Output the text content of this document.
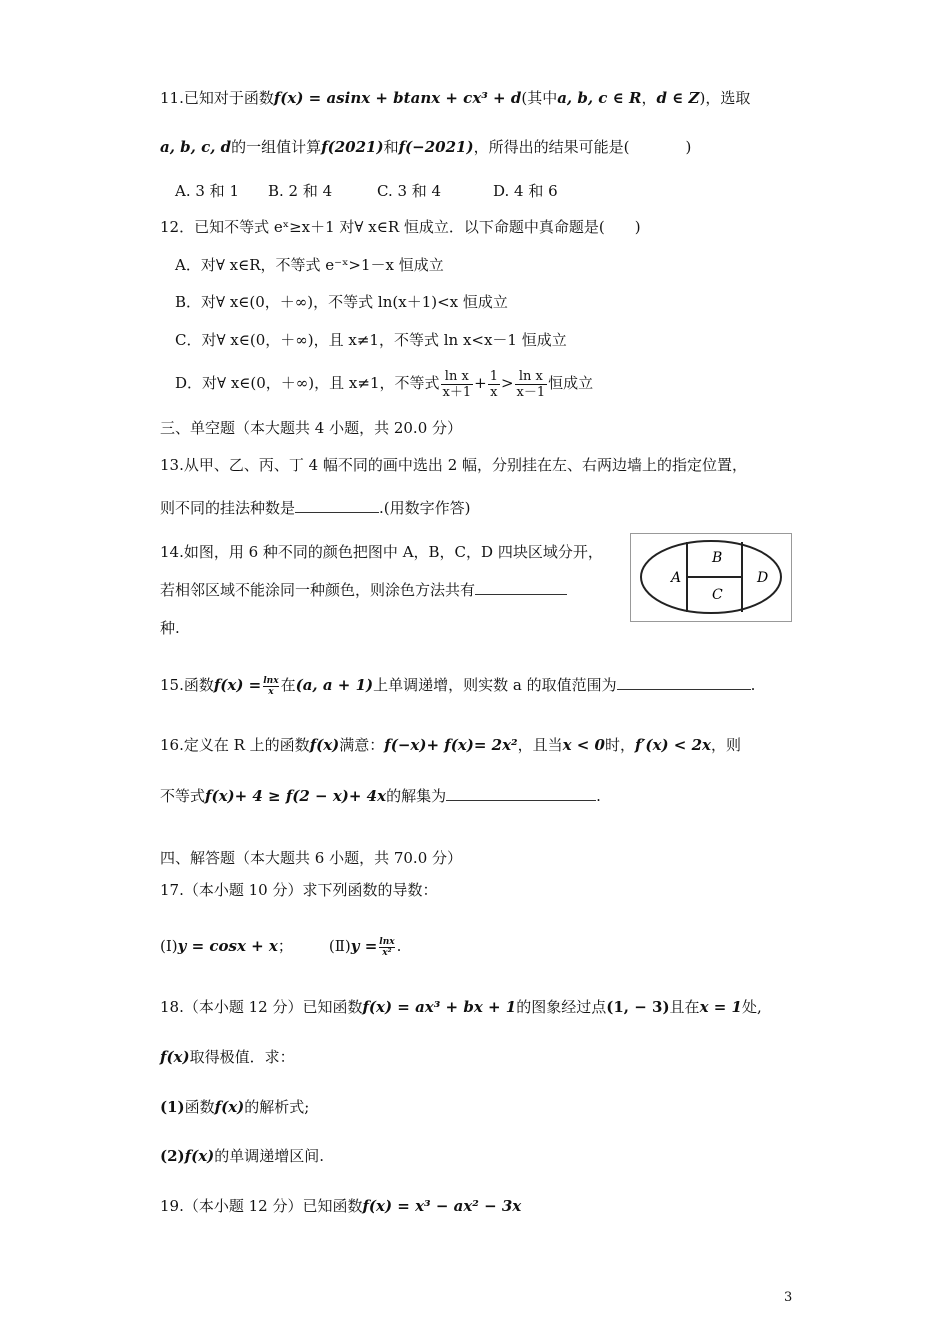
11.已知对于函数f(x) = asinx + btanx + cx³ + d(其中a, b, c ∈ R，d ∈ Z)，选取
a, b, c, d的一组值计算f(2021)和f(−2021)，所得出的结果可能是(	)
A. 3 和 1 B. 2 和 4	C. 3 和 4	D. 4 和 6
12．已知不等式 eˣ≥x＋1 对∀ x∈R 恒成立．以下命题中真命题是(　　)
A．对∀ x∈R，不等式 e⁻ˣ>1－x 恒成立
B．对∀ x∈(0，＋∞)，不等式 ln(x＋1)<x 恒成立
C．对∀ x∈(0，＋∞)，且 x≠1，不等式 ln x<x－1 恒成立
D．对∀ x∈(0，＋∞)，且 x≠1，不等式 $\frac{\text{ln x}}{x+1} + \frac{1}{x} > \frac{\text{ln x}}{x-1}$ 恒成立
三、单空题（本大题共 4 小题，共 20.0 分）
13.从甲、乙、丙、丁 4 幅不同的画中选出 2 幅，分别挂在左、右两边墙上的指定位置，
则不同的挂法种数是	.(用数字作答)
14.如图，用 6 种不同的颜色把图中 A，B，C，D 四块区域分开，
若相邻区域不能涂同一种颜色，则涂色方法共有
种.
A
B
C
D
15.函数$f(x) = \frac{\ln x}{x}$ 在(a, a + 1)上单调递增，则实数 a 的取值范围为	.
16.定义在 R 上的函数f(x)满意：f(−x)+ f(x)= 2x²，且当x < 0时，f′(x) < 2x，则
不等式f(x)+ 4 ≥ f(2 − x)+ 4x的解集为	.
四、解答题（本大题共 6 小题，共 70.0 分）
17.（本小题 10 分）求下列函数的导数：
(Ⅰ)y = cosx + x； (Ⅱ)y = $\frac{\ln x}{\text{x²}}$ .
18.（本小题 12 分）已知函数f(x) = ax³ + bx + 1的图象经过点(1, − 3)且在x = 1处,
f(x)取得极值．求：
(1)函数f(x)的解析式;
(2)f(x)的单调递增区间.
19.（本小题 12 分）已知函数f(x) = x³ − ax² − 3x
3
